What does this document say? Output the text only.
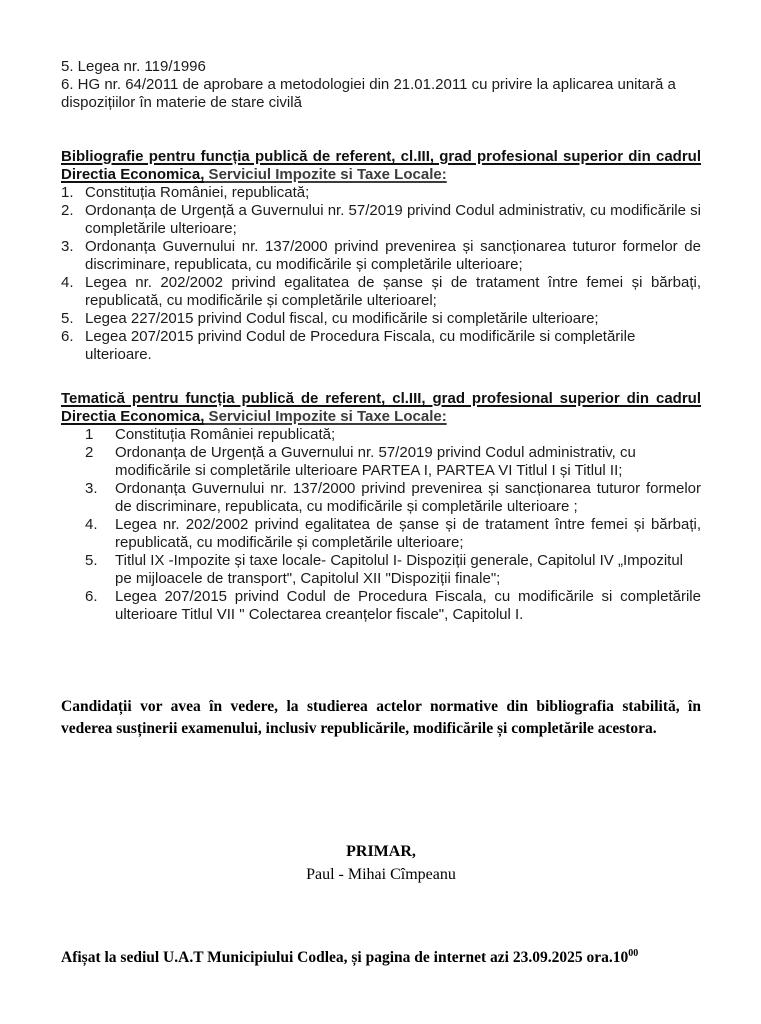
5. Legea nr. 119/1996

6. HG nr. 64/2011 de aprobare a metodologiei din 21.01.2011 cu privire la aplicarea unitară a dispozițiilor în materie de stare civilă

Bibliografie pentru funcția publică de referent, cl.III, grad profesional superior din cadrul Directia Economica, Serviciul Impozite si Taxe Locale:

1. Constituția României, republicată;
2. Ordonanța de Urgență a Guvernului nr. 57/2019 privind Codul administrativ, cu modificările si completările ulterioare;
3. Ordonanța Guvernului nr. 137/2000 privind prevenirea și sancționarea tuturor formelor de discriminare, republicata, cu modificările și completările ulterioare;
4. Legea nr. 202/2002 privind egalitatea de șanse și de tratament între femei și bărbați, republicată, cu modificările și completările ulterioarel;
5. Legea 227/2015 privind Codul fiscal, cu modificările si completările ulterioare;
6. Legea 207/2015 privind Codul de Procedura Fiscala, cu modificările si completările ulterioare.

Tematică pentru funcția publică de referent, cl.III, grad profesional superior din cadrul Directia Economica, Serviciul Impozite si Taxe Locale:

1	Constituția României republicată;
2	Ordonanța de Urgență a Guvernului nr. 57/2019 privind Codul administrativ, cu modificările si completările ulterioare PARTEA I, PARTEA VI Titlul I și Titlul II;
3.	Ordonanța Guvernului nr. 137/2000 privind prevenirea și sancționarea tuturor formelor de discriminare, republicata, cu modificările și completările ulterioare ;
4.	Legea nr. 202/2002 privind egalitatea de șanse și de tratament între femei și bărbați, republicată, cu modificările și completările ulterioare;
5.	Titlul IX -Impozite și taxe locale- Capitolul I- Dispoziții generale, Capitolul IV „Impozitul pe mijloacele de transport", Capitolul XII "Dispoziții finale";
6.	Legea 207/2015 privind Codul de Procedura Fiscala, cu modificările si completările ulterioare Titlul VII " Colectarea creanțelor fiscale", Capitolul I.

Candidații vor avea în vedere, la studierea actelor normative din bibliografia stabilită, în vederea susținerii examenului, inclusiv republicările, modificările și completările acestora.

PRIMAR,
Paul - Mihai Cîmpeanu

Afișat la sediul U.A.T Municipiului Codlea, și pagina de internet azi 23.09.2025 $ora.10^{00}$
